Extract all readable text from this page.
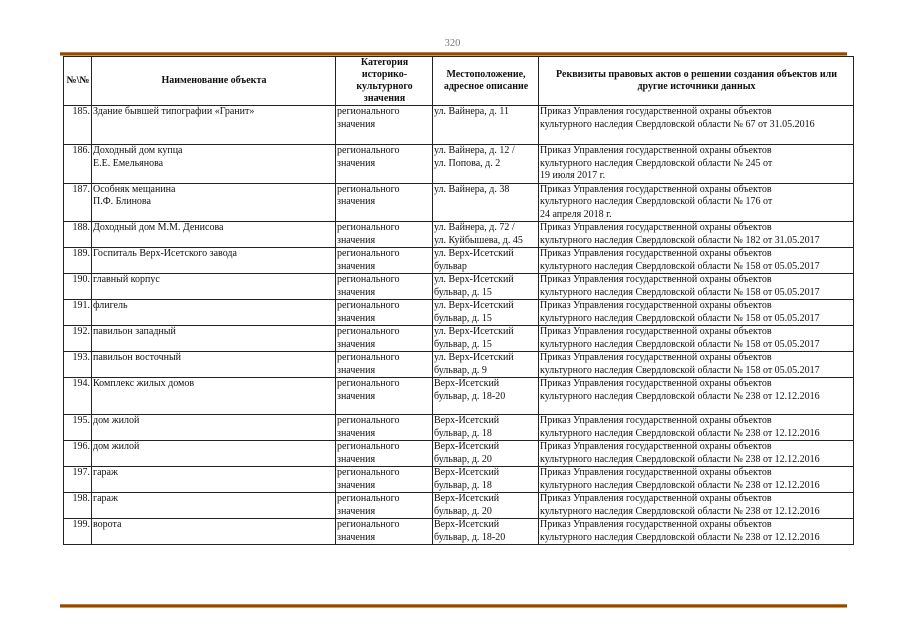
320
№\№	Наименование объекта	Категория
историко-
культурного
значения	Местоположение,
адресное описание	Реквизиты правовых актов о решении создания объектов или
другие источники данных
185.	Здание бывшей типографии «Гранит»	регионального
значения	ул. Вайнера, д. 11	Приказ Управления государственной охраны объектов
культурного наследия Свердловской области № 67 от 31.05.2016
186.	Доходный дом купца
Е.Е. Емельянова	регионального
значения	ул. Вайнера, д. 12 /
ул. Попова, д. 2	Приказ Управления государственной охраны объектов
культурного наследия Свердловской области № 245 от
19 июля 2017 г.
187.	Особняк мещанина
П.Ф. Блинова	регионального
значения	ул. Вайнера, д. 38	Приказ Управления государственной охраны объектов
культурного наследия Свердловской области № 176 от
24 апреля 2018 г.
188.	Доходный дом М.М. Денисова	регионального
значения	ул. Вайнера, д. 72 /
ул. Куйбышева, д. 45	Приказ Управления государственной охраны объектов
культурного наследия Свердловской области № 182 от 31.05.2017
189.	Госпиталь Верх-Исетского завода	регионального
значения	ул. Верх-Исетский
бульвар	Приказ Управления государственной охраны объектов
культурного наследия Свердловской области № 158 от 05.05.2017
190.	главный корпус	регионального
значения	ул. Верх-Исетский
бульвар, д. 15	Приказ Управления государственной охраны объектов
культурного наследия Свердловской области № 158 от 05.05.2017
191.	флигель	регионального
значения	ул. Верх-Исетский
бульвар, д. 15	Приказ Управления государственной охраны объектов
культурного наследия Свердловской области № 158 от 05.05.2017
192.	павильон западный	регионального
значения	ул. Верх-Исетский
бульвар, д. 15	Приказ Управления государственной охраны объектов
культурного наследия Свердловской области № 158 от 05.05.2017
193.	павильон восточный	регионального
значения	ул. Верх-Исетский
бульвар, д. 9	Приказ Управления государственной охраны объектов
культурного наследия Свердловской области № 158 от 05.05.2017
194.	Комплекс жилых домов	регионального
значения	Верх-Исетский
бульвар, д. 18-20	Приказ Управления государственной охраны объектов
культурного наследия Свердловской области № 238 от 12.12.2016
195.	дом жилой	регионального
значения	Верх-Исетский
бульвар, д. 18	Приказ Управления государственной охраны объектов
культурного наследия Свердловской области № 238 от 12.12.2016
196.	дом жилой	регионального
значения	Верх-Исетский
бульвар, д. 20	Приказ Управления государственной охраны объектов
культурного наследия Свердловской области № 238 от 12.12.2016
197.	гараж	регионального
значения	Верх-Исетский
бульвар, д. 18	Приказ Управления государственной охраны объектов
культурного наследия Свердловской области № 238 от 12.12.2016
198.	гараж	регионального
значения	Верх-Исетский
бульвар, д. 20	Приказ Управления государственной охраны объектов
культурного наследия Свердловской области № 238 от 12.12.2016
199.	ворота	регионального
значения	Верх-Исетский
бульвар, д. 18-20	Приказ Управления государственной охраны объектов
культурного наследия Свердловской области № 238 от 12.12.2016
